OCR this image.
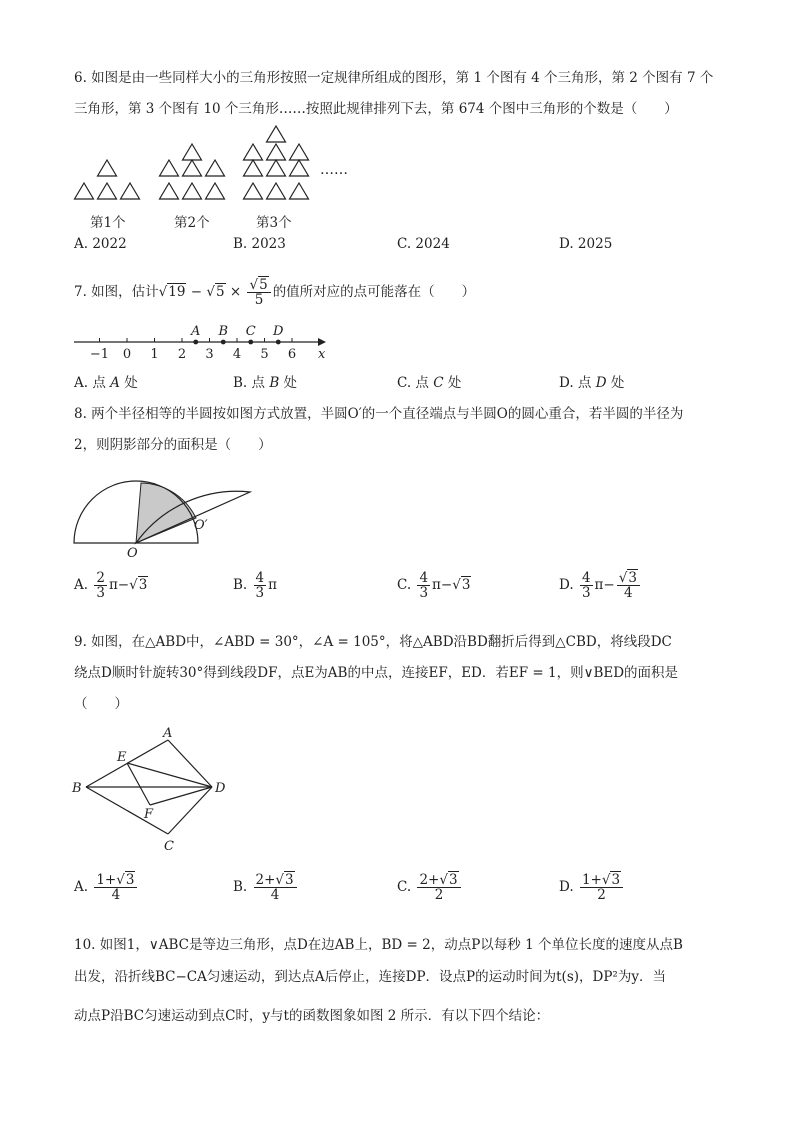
6. 如图是由一些同样大小的三角形按照一定规律所组成的图形，第 1 个图有 4 个三角形，第 2 个图有 7 个
三角形，第 3 个图有 10 个三角形……按照此规律排列下去，第 674 个图中三角形的个数是（　　）
……
第1个	第2个	第3个
A. 2022	B. 2023	C. 2024	D. 2025
7. 如图，估计$√19 - √5 \times \frac{√5}{5}$ 的值所对应的点可能落在（　　）
−1 0 1 2 3 4 5 6
A B C D
x
A. 点 A 处	B. 点 B 处	C. 点 C 处	D. 点 D 处
8. 两个半径相等的半圆按如图方式放置，半圆O′的一个直径端点与半圆O的圆心重合，若半圆的半径为
2，则阴影部分的面积是（　　）
O
O′
A. $\frac{2}{3} \pi-√3$	B. $\frac{4}{3}$ π	C. $\frac{4}{3} \pi-√3$	D. $\frac{4}{3} \pi- \frac{√3}{4}$
9. 如图，在△ABD中，∠ABD = 30°，∠A = 105°，将△ABD沿BD翻折后得到△CBD，将线段DC
绕点D顺时针旋转30°得到线段DF，点E为AB的中点，连接EF，ED．若EF = 1，则∨BED的面积是
（　　）
A
B
C
D
E
F
A. $\frac{1+√3}{4}$	B. $\frac{2+√3}{4}$	C. $\frac{2+√3}{2}$	D. $\frac{1+√3}{2}$
10. 如图1，∨ABC是等边三角形，点D在边AB上，BD = 2，动点P以每秒 1 个单位长度的速度从点B
出发，沿折线BC−CA匀速运动，到达点A后停止，连接DP．设点P的运动时间为t(s)，DP²为y．当
动点P沿BC匀速运动到点C时，y与t的函数图象如图 2 所示．有以下四个结论：
